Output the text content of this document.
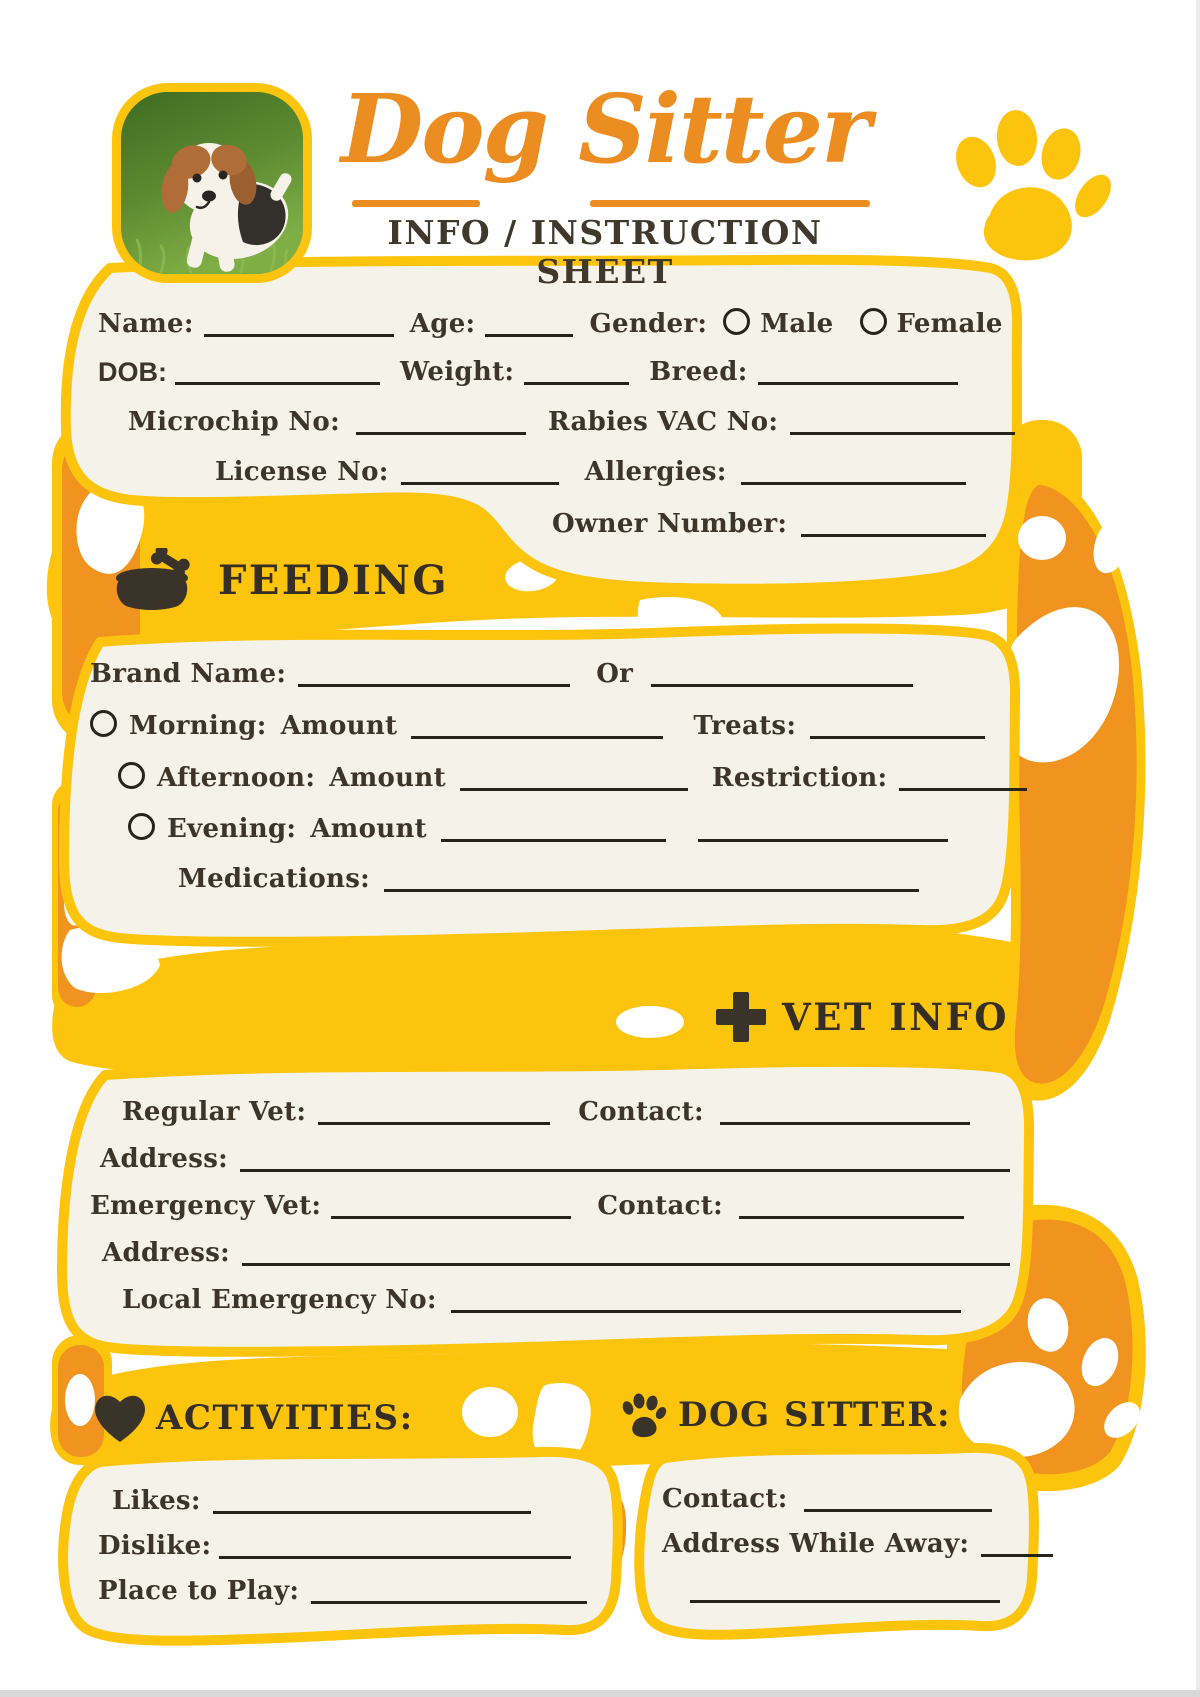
Dog Sitter
INFO / INSTRUCTION SHEET
Name:	Age:	Gender: Male Female
DOB:	Weight:	Breed:
Microchip No:	Rabies VAC No:
License No:	Allergies:
Owner Number:
FEEDING
Brand Name:	Or
Morning: Amount	Treats:
Afternoon: Amount	Restriction:
Evening: Amount
Medications:
VET INFO
Regular Vet:	Contact:
Address:
Emergency Vet:	Contact:
Address:
Local Emergency No:
ACTIVITIES:	DOG SITTER:
Likes:
Dislike:
Place to Play:
Contact:
Address While Away:
